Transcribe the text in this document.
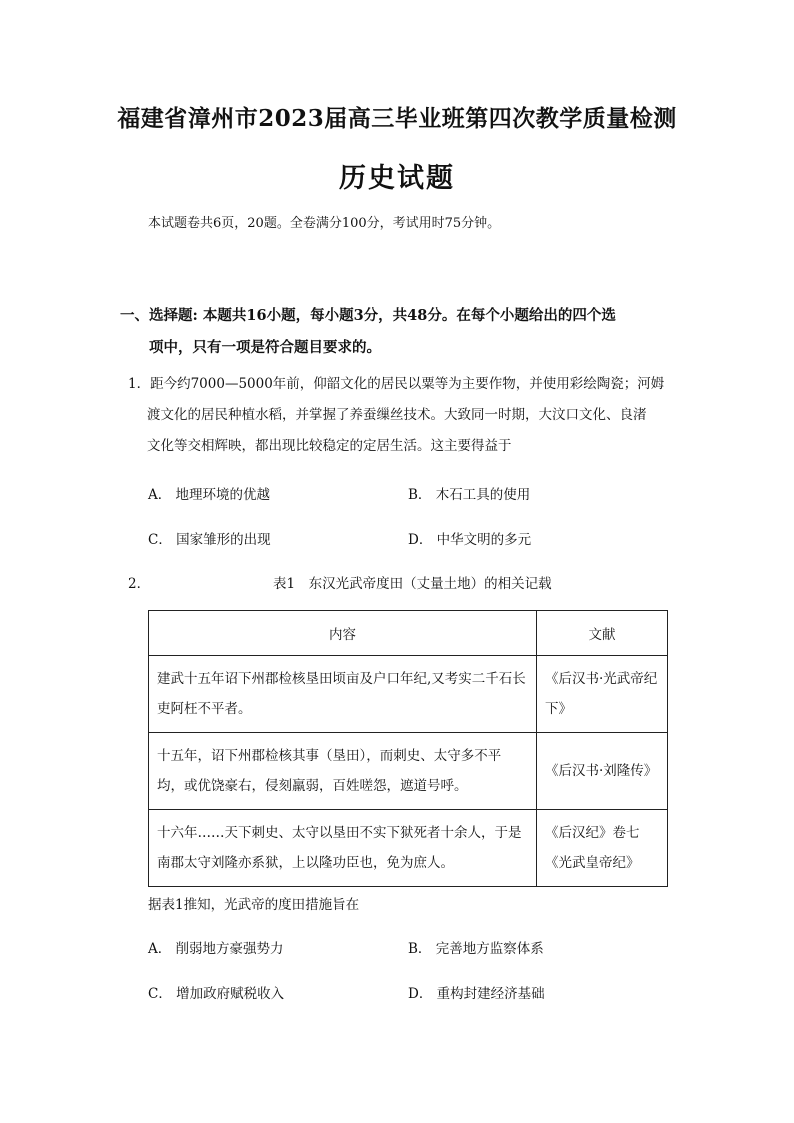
福建省漳州市2023届高三毕业班第四次教学质量检测
历史试题
本试题卷共6页，20题。全卷满分100分，考试用时75分钟。
一、选择题: 本题共16小题，每小题3分，共48分。在每个小题给出的四个选
项中，只有一项是符合题目要求的。
1．距今约7000—5000年前，仰韶文化的居民以粟等为主要作物，并使用彩绘陶瓷；河姆
渡文化的居民种植水稻，并掌握了养蚕缫丝技术。大致同一时期，大汶口文化、良渚
文化等交相辉映，都出现比较稳定的定居生活。这主要得益于
A． 地理环境的优越	B． 木石工具的使用
C． 国家雏形的出现	D． 中华文明的多元
2．	表1　东汉光武帝度田（丈量土地）的相关记载
内容	文献
建武十五年诏下州郡检核垦田顷亩及户口年纪,又考实二千石长吏阿枉不平者。	《后汉书·光武帝纪下》
十五年，诏下州郡检核其事（垦田），而刺史、太守多不平均，或优饶豪右，侵刻羸弱，百姓嗟怨，遮道号呼。	《后汉书·刘隆传》
十六年……天下刺史、太守以垦田不实下狱死者十余人，于是南郡太守刘隆亦系狱，上以隆功臣也，免为庶人。	《后汉纪》卷七《光武皇帝纪》
据表1推知，光武帝的度田措施旨在
A． 削弱地方豪强势力	B． 完善地方监察体系
C． 增加政府赋税收入	D． 重构封建经济基础
